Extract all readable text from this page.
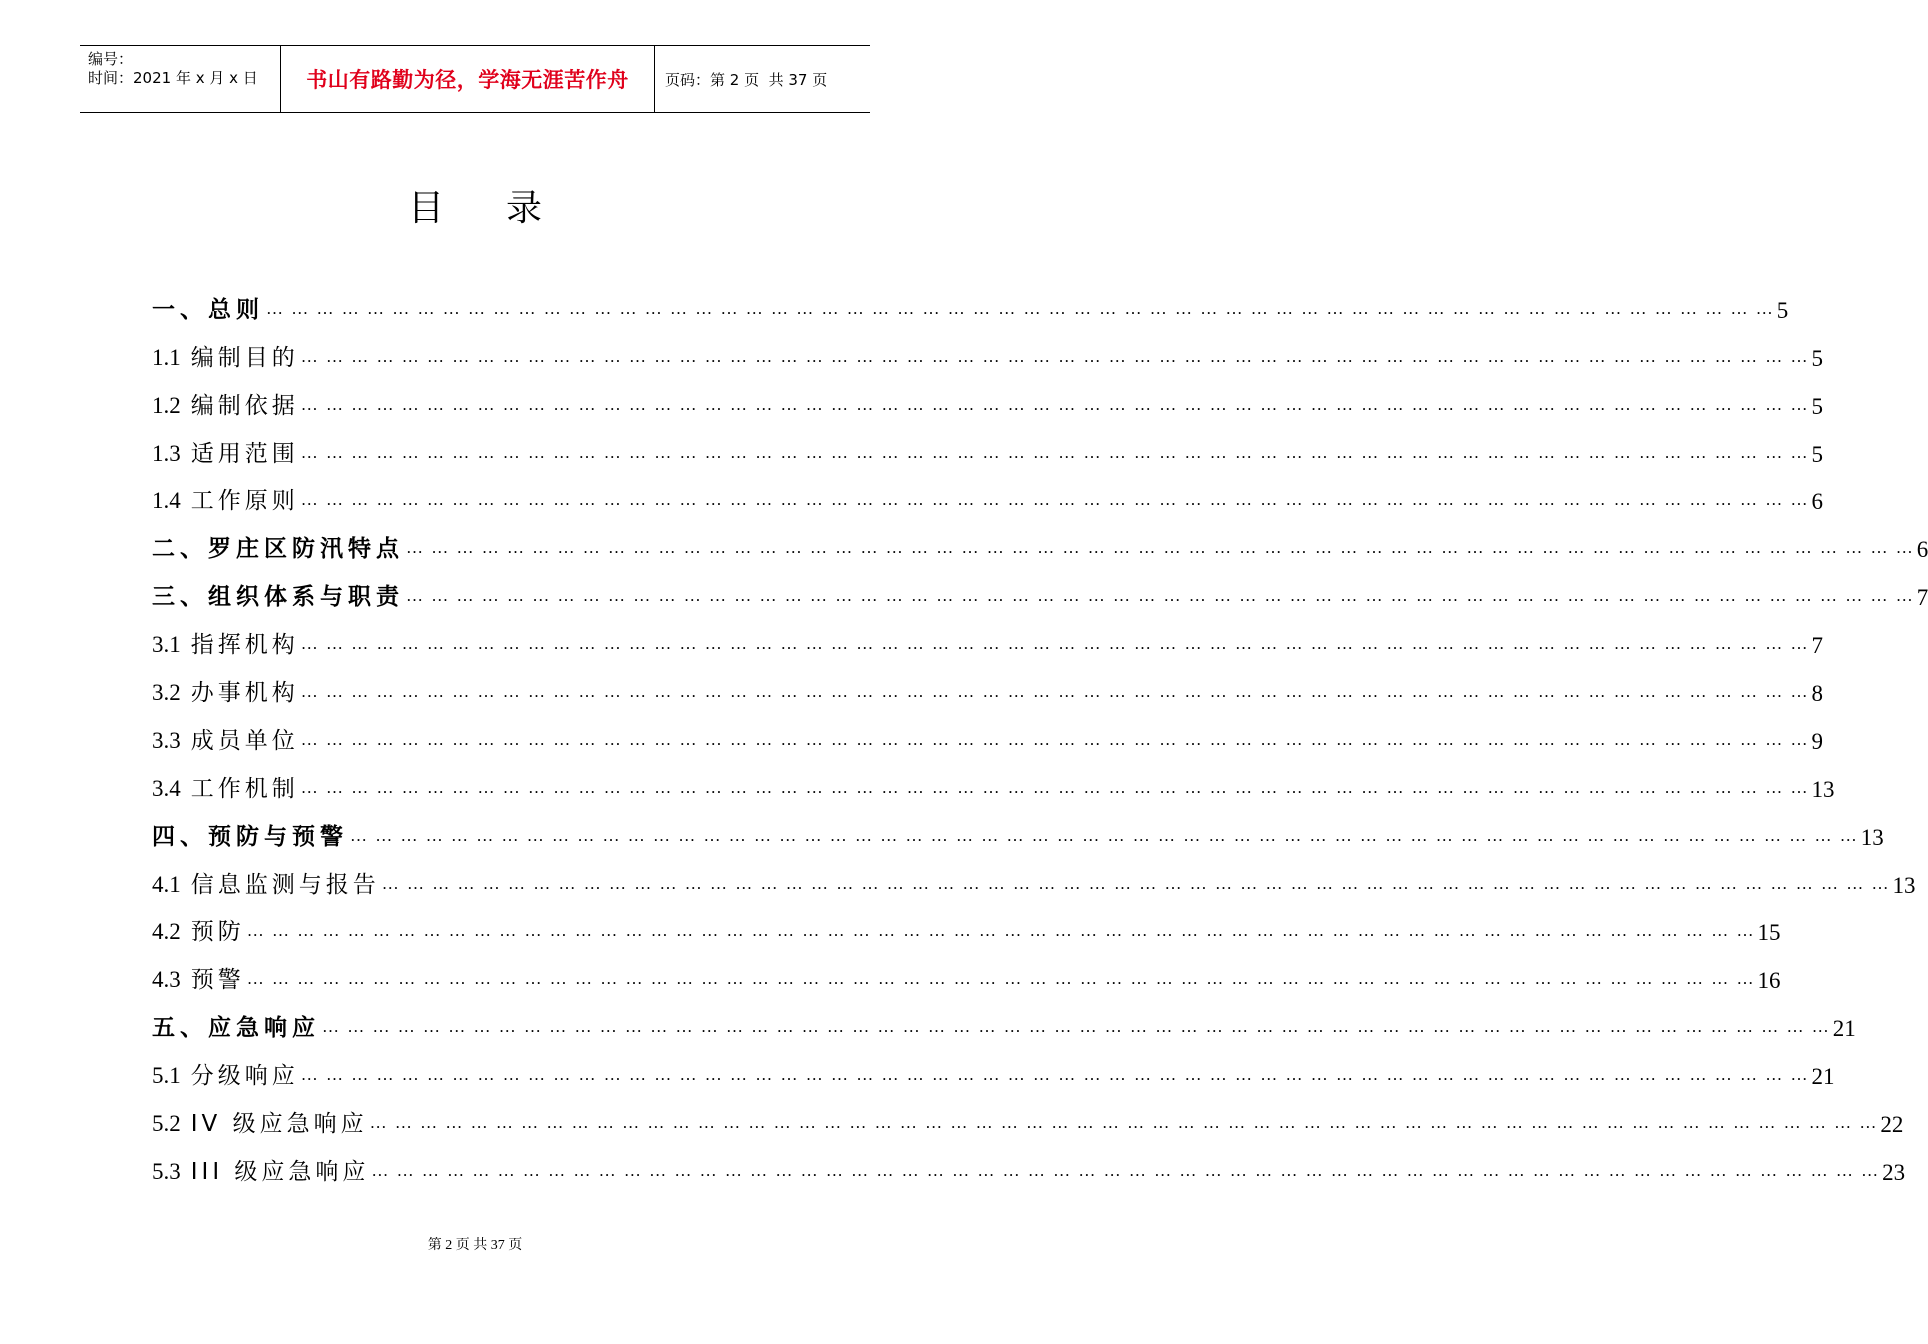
编号：
时间：2021 年 x 月 x 日	书山有路勤为径，学海无涯苦作舟	页码：第 2 页  共 37 页
目 录
一、总则 … … … … … … … … … … … … … … … … … … … … … … … … … … … … … … … … … … … … … … … … … … … … … … … … … … … … … … … … … … … … 5
1.1 编制目的 … … … … … … … … … … … … … … … … … … … … … … … … … … … … … … … … … … … … … … … … … … … … … … … … … … … … … … … … … … … … 5
1.2 编制依据 … … … … … … … … … … … … … … … … … … … … … … … … … … … … … … … … … … … … … … … … … … … … … … … … … … … … … … … … … … … … 5
1.3 适用范围 … … … … … … … … … … … … … … … … … … … … … … … … … … … … … … … … … … … … … … … … … … … … … … … … … … … … … … … … … … … … 5
1.4 工作原则 … … … … … … … … … … … … … … … … … … … … … … … … … … … … … … … … … … … … … … … … … … … … … … … … … … … … … … … … … … … … 6
二、罗庄区防汛特点 … … … … … … … … … … … … … … … … … … … … … … … … … … … … … … … … … … … … … … … … … … … … … … … … … … … … … … … … … … … … 6
三、组织体系与职责 … … … … … … … … … … … … … … … … … … … … … … … … … … … … … … … … … … … … … … … … … … … … … … … … … … … … … … … … … … … … 7
3.1 指挥机构 … … … … … … … … … … … … … … … … … … … … … … … … … … … … … … … … … … … … … … … … … … … … … … … … … … … … … … … … … … … … 7
3.2 办事机构 … … … … … … … … … … … … … … … … … … … … … … … … … … … … … … … … … … … … … … … … … … … … … … … … … … … … … … … … … … … … 8
3.3 成员单位 … … … … … … … … … … … … … … … … … … … … … … … … … … … … … … … … … … … … … … … … … … … … … … … … … … … … … … … … … … … … 9
3.4 工作机制 … … … … … … … … … … … … … … … … … … … … … … … … … … … … … … … … … … … … … … … … … … … … … … … … … … … … … … … … … … … … 13
四、预防与预警 … … … … … … … … … … … … … … … … … … … … … … … … … … … … … … … … … … … … … … … … … … … … … … … … … … … … … … … … … … … … 13
4.1 信息监测与报告 … … … … … … … … … … … … … … … … … … … … … … … … … … … … … … … … … … … … … … … … … … … … … … … … … … … … … … … … … … … … 13
4.2 预防 … … … … … … … … … … … … … … … … … … … … … … … … … … … … … … … … … … … … … … … … … … … … … … … … … … … … … … … … … … … … 15
4.3 预警 … … … … … … … … … … … … … … … … … … … … … … … … … … … … … … … … … … … … … … … … … … … … … … … … … … … … … … … … … … … … 16
五、应急响应 … … … … … … … … … … … … … … … … … … … … … … … … … … … … … … … … … … … … … … … … … … … … … … … … … … … … … … … … … … … … 21
5.1 分级响应 … … … … … … … … … … … … … … … … … … … … … … … … … … … … … … … … … … … … … … … … … … … … … … … … … … … … … … … … … … … … 21
5.2 IV 级应急响应 … … … … … … … … … … … … … … … … … … … … … … … … … … … … … … … … … … … … … … … … … … … … … … … … … … … … … … … … … … … … 22
5.3 III 级应急响应 … … … … … … … … … … … … … … … … … … … … … … … … … … … … … … … … … … … … … … … … … … … … … … … … … … … … … … … … … … … … 23
第 2 页 共 37 页
